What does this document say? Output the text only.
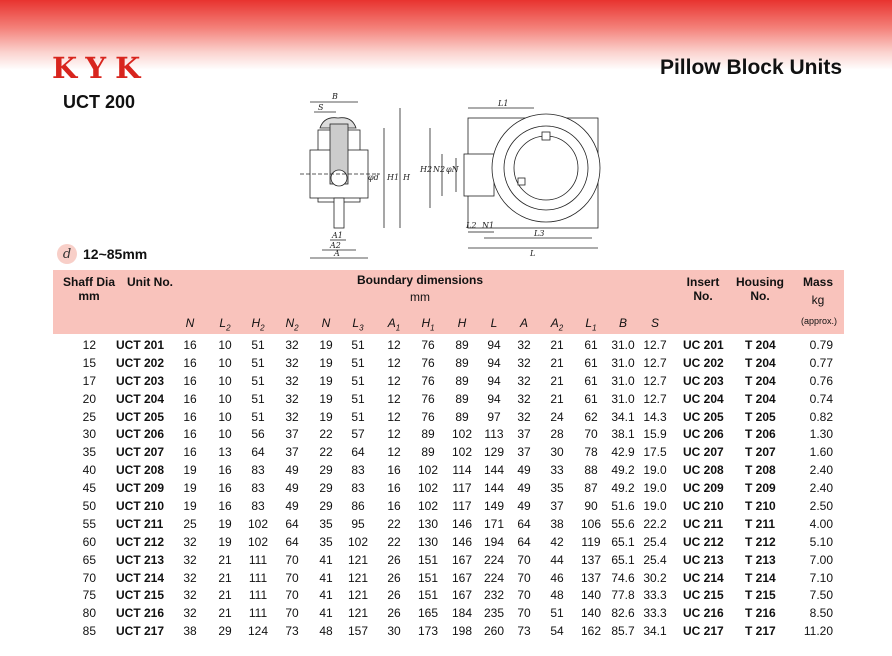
KYK
UCT 200
Pillow Block Units
B
S
φd H1 H
A1
A2
A
L1
H2 N2 φN
L2 N1
L3
L
d 12~85mm
Shaff Dia
mm
Unit No.	Boundary dimensions
mm
Insert
No.
Housing
No.
Mass
kg
(approx.)
N	$L_2$	$H_2$	$N_2$	N	$L_3$	$A_1$	$H_1$	H	L	A	$A_2$	$L_1$	B	S
12 UCT 201	16	10	51	32	19	51	12	76	89	94	32	21	61	31.0 12.7	UC 201	T 204	0.79
15 UCT 202	16	10	51	32	19	51	12	76	89	94	32	21	61	31.0 12.7	UC 202	T 204	0.77
17 UCT 203	16	10	51	32	19	51	12	76	89	94	32	21	61	31.0 12.7	UC 203	T 204	0.76
20 UCT 204	16	10	51	32	19	51	12	76	89	94	32	21	61	31.0 12.7	UC 204	T 204	0.74
25 UCT 205	16	10	51	32	19	51	12	76	89	97	32	24	62	34.1 14.3	UC 205	T 205	0.82
30 UCT 206	16	10	56	37	22	57	12	89	102	113	37	28	70	38.1 15.9	UC 206	T 206	1.30
35 UCT 207	16	13	64	37	22	64	12	89	102 129	37	30	78	42.9 17.5	UC 207	T 207	1.60
40 UCT 208	19	16	83	49	29	83	16	102	114	144	49	33	88	49.2 19.0	UC 208	T 208	2.40
45 UCT 209	19	16	83	49	29	83	16	102	117	144	49	35	87	49.2 19.0	UC 209	T 209	2.40
50 UCT 210	19	16	83	49	29	86	16	102	117	149	49	37	90	51.6 19.0	UC 210	T 210	2.50
55 UCT 211	25	19	102	64	35	95	22	130	146 171	64	38	106 55.6 22.2	UC 211	T 211	4.00
60 UCT 212	32	19	102	64	35	102	22	130	146 194	64	42	119 65.1 25.4	UC 212	T 212	5.10
65 UCT 213	32	21	111	70	41	121	26	151	167 224	70	44	137 65.1 25.4	UC 213	T 213	7.00
70 UCT 214	32	21	111	70	41	121	26	151	167 224	70	46	137 74.6 30.2	UC 214	T 214	7.10
75 UCT 215	32	21	111	70	41	121	26	151	167 232	70	48	140 77.8 33.3	UC 215	T 215	7.50
80 UCT 216	32	21	111	70	41	121	26	165	184 235	70	51	140 82.6 33.3	UC 216	T 216	8.50
85 UCT 217	38	29	124	73	48	157	30	173	198 260	73	54	162 85.7 34.1	UC 217	T 217	11.20
